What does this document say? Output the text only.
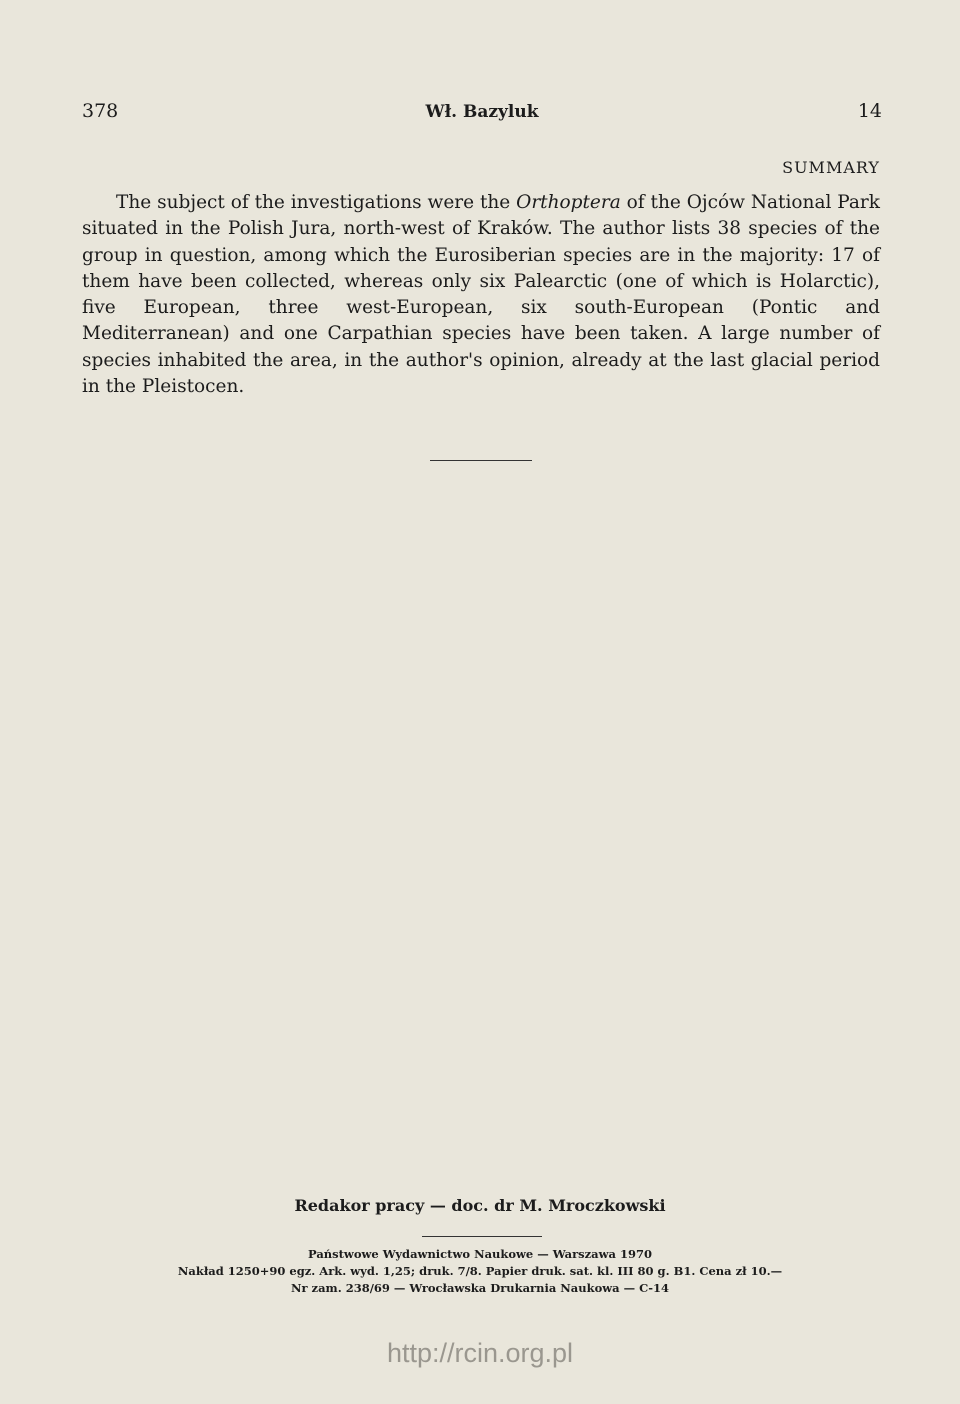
378	Wł. Bazyluk	14
SUMMARY

The subject of the investigations were the Orthoptera of the Ojców National Park situated in the Polish Jura, north-west of Kraków. The author lists 38 species of the group in question, among which the Eurosiberian species are in the majority: 17 of them have been collected, whereas only six Palearctic (one of which is Holarctic), five European, three west-European, six south-European (Pontic and Mediterranean) and one Carpathian species have been taken. A large number of species inhabited the area, in the author's opinion, already at the last glacial period in the Pleistocen.

Redakor pracy — doc. dr M. Mroczkowski
Państwowe Wydawnictwo Naukowe — Warszawa 1970
Nakład 1250+90 egz. Ark. wyd. 1,25; druk. 7/8. Papier druk. sat. kl. III 80 g. B1. Cena zł 10.—
Nr zam. 238/69 — Wrocławska Drukarnia Naukowa — C-14
http://rcin.org.pl
